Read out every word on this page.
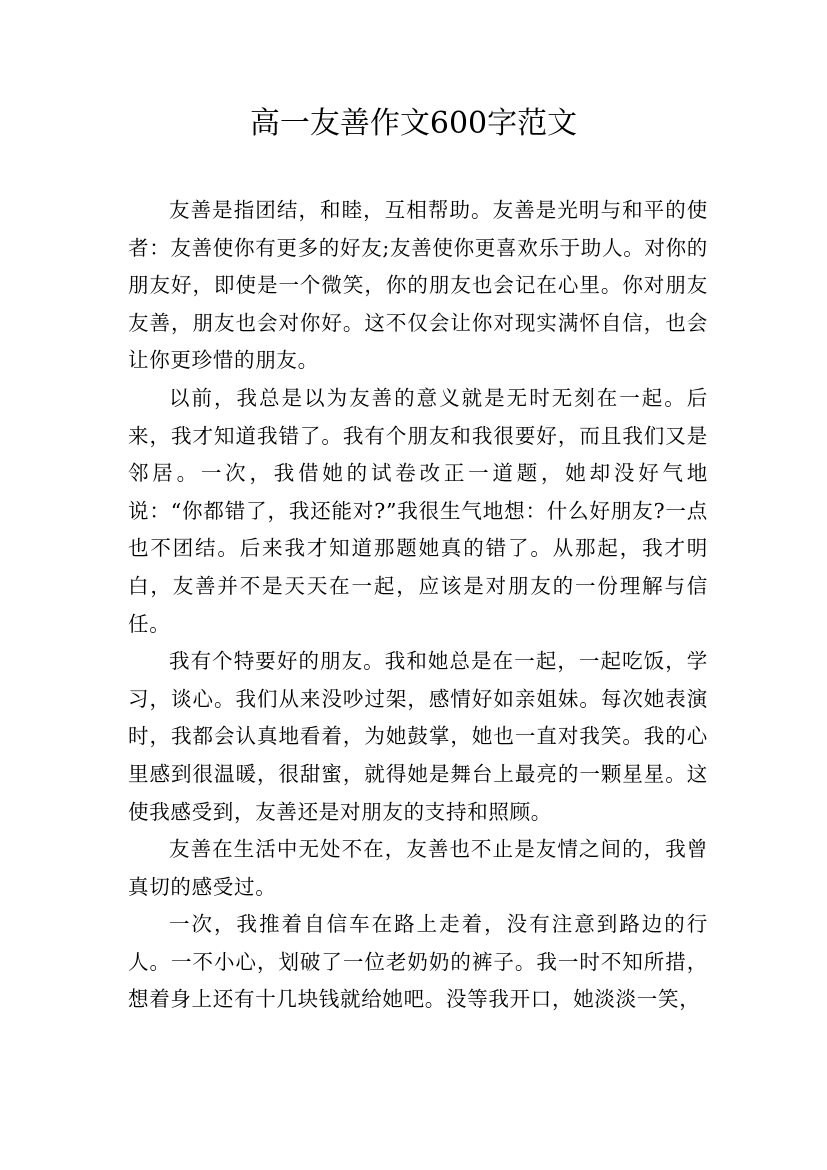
高一友善作文600字范文

友善是指团结，和睦，互相帮助。友善是光明与和平的使者：友善使你有更多的好友;友善使你更喜欢乐于助人。对你的朋友好，即使是一个微笑，你的朋友也会记在心里。你对朋友友善，朋友也会对你好。这不仅会让你对现实满怀自信，也会让你更珍惜的朋友。

以前，我总是以为友善的意义就是无时无刻在一起。后来，我才知道我错了。我有个朋友和我很要好，而且我们又是邻居。一次，我借她的试卷改正一道题，她却没好气地说：“你都错了，我还能对?”我很生气地想：什么好朋友?一点也不团结。后来我才知道那题她真的错了。从那起，我才明白，友善并不是天天在一起，应该是对朋友的一份理解与信任。

我有个特要好的朋友。我和她总是在一起，一起吃饭，学习，谈心。我们从来没吵过架，感情好如亲姐妹。每次她表演时，我都会认真地看着，为她鼓掌，她也一直对我笑。我的心里感到很温暖，很甜蜜，就得她是舞台上最亮的一颗星星。这使我感受到，友善还是对朋友的支持和照顾。

友善在生活中无处不在，友善也不止是友情之间的，我曾真切的感受过。

一次，我推着自信车在路上走着，没有注意到路边的行人。一不小心，划破了一位老奶奶的裤子。我一时不知所措，想着身上还有十几块钱就给她吧。没等我开口，她淡淡一笑，
